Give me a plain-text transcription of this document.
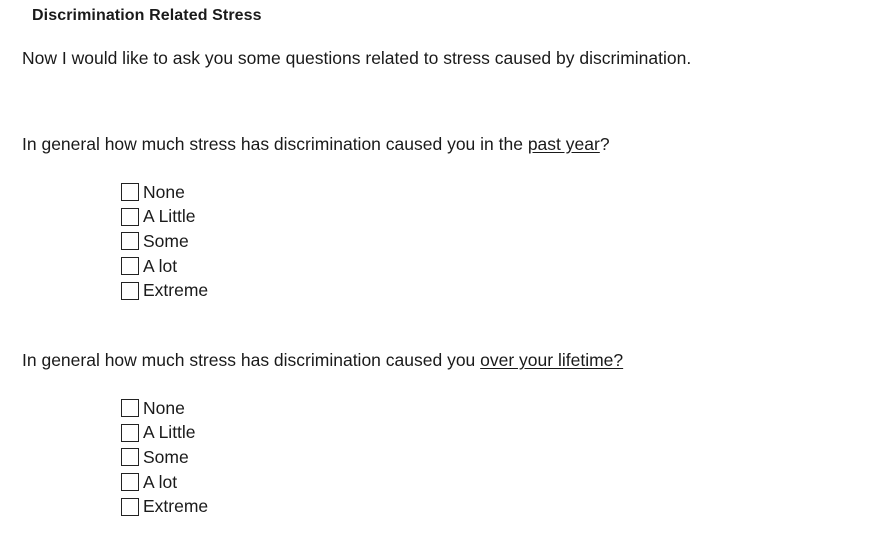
Discrimination Related Stress
Now I would like to ask you some questions related to stress caused by discrimination.
In general how much stress has discrimination caused you in the past year?
None
A Little
Some
A lot
Extreme
In general how much stress has discrimination caused you over your lifetime?
None
A Little
Some
A lot
Extreme
